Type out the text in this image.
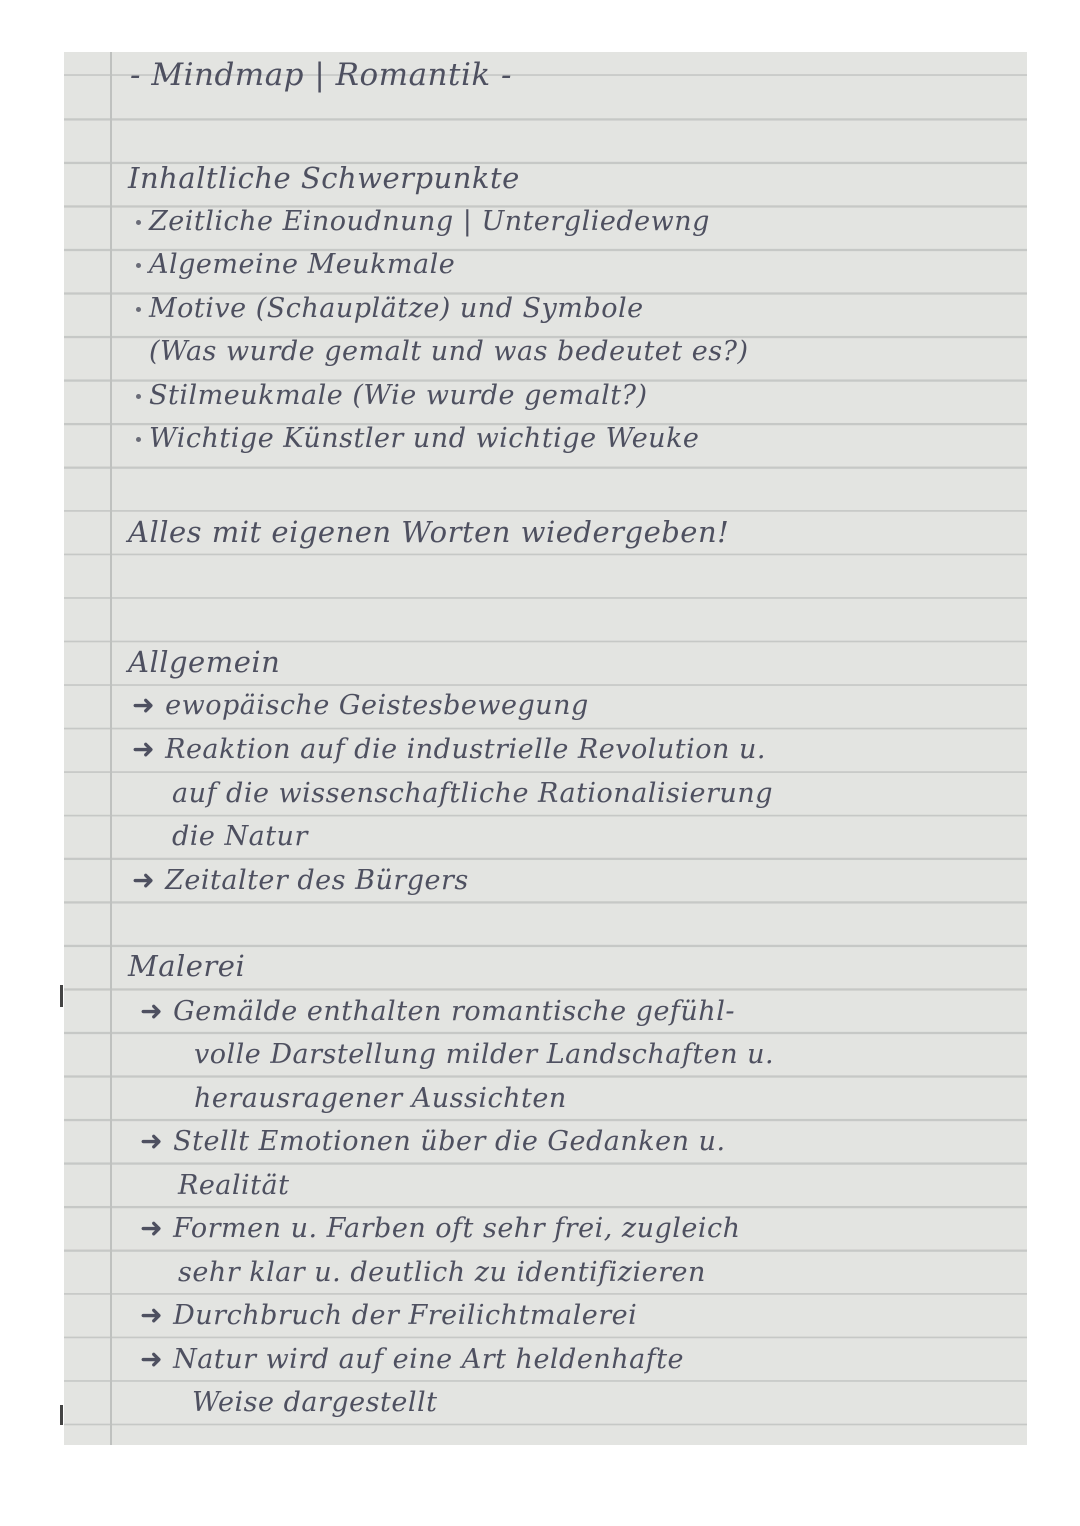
- Mindmap | Romantik -

Inhaltliche Schwerpunkte

Zeitliche Einoudnung | Untergliedewng

Algemeine Meukmale

Motive (Schauplätze) und Symbole

(Was wurde gemalt und was bedeutet es?)

Stilmeukmale (Wie wurde gemalt?)

Wichtige Künstler und wichtige Weuke

Alles mit eigenen Worten wiedergeben!

Allgemein

➜ ewopäische Geistesbewegung

➜ Reaktion auf die industrielle Revolution u.

auf die wissenschaftliche Rationalisierung

die Natur

➜ Zeitalter des Bürgers

Malerei

➜ Gemälde enthalten romantische gefühl-

volle Darstellung milder Landschaften u.

herausragener Aussichten

➜ Stellt Emotionen über die Gedanken u.

Realität

➜ Formen u. Farben oft sehr frei, zugleich

sehr klar u. deutlich zu identifizieren

➜ Durchbruch der Freilichtmalerei

➜ Natur wird auf eine Art heldenhafte

Weise dargestellt
